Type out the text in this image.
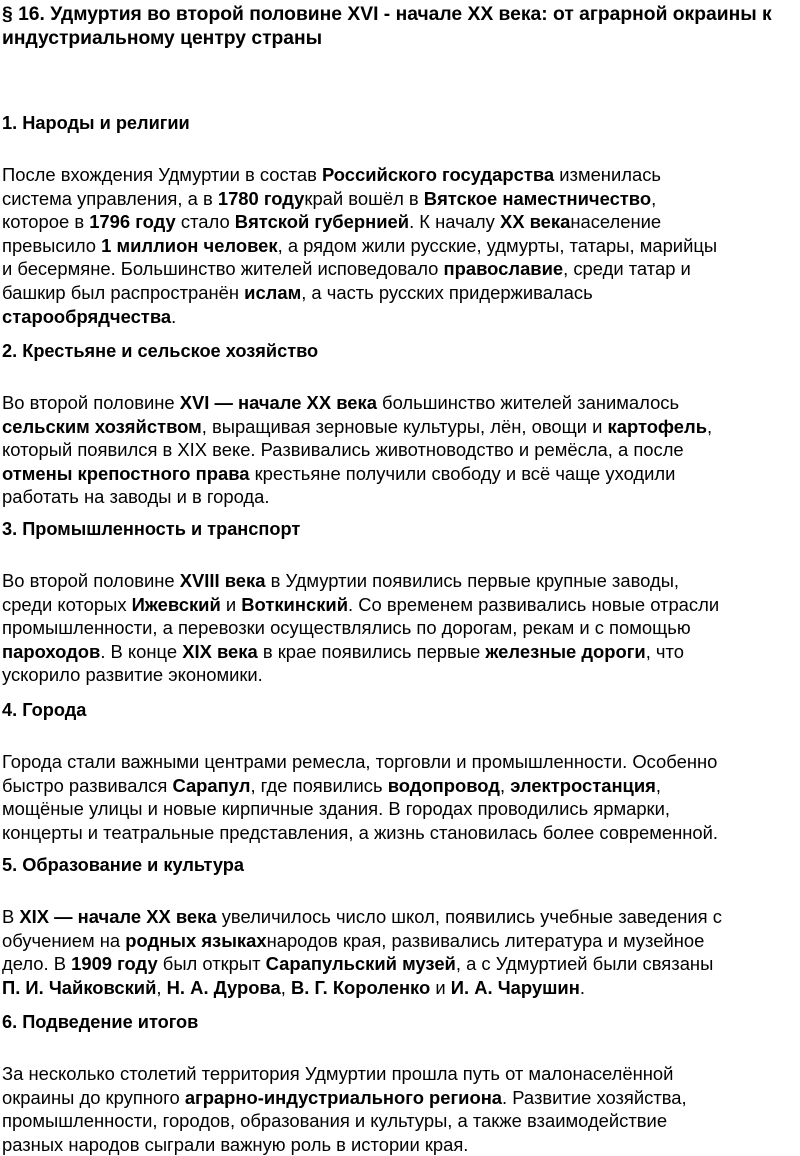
§ 16. Удмуртия во второй половине XVI - начале XX века: от аграрной окраины к индустриальному центру страны
1. Народы и религии

После вхождения Удмуртии в состав Российского государства изменилась
система управления, а в 1780 годукрай вошёл в Вятское наместничество,
которое в 1796 году стало Вятской губернией. К началу XX веканаселение
превысило 1 миллион человек, а рядом жили русские, удмурты, татары, марийцы
и бесермяне. Большинство жителей исповедовало православие, среди татар и
башкир был распространён ислам, а часть русских придерживалась
старообрядчества.

2. Крестьяне и сельское хозяйство

Во второй половине XVI — начале XX века большинство жителей занималось
сельским хозяйством, выращивая зерновые культуры, лён, овощи и картофель,
который появился в XIX веке. Развивались животноводство и ремёсла, а после
отмены крепостного права крестьяне получили свободу и всё чаще уходили
работать на заводы и в города.

3. Промышленность и транспорт

Во второй половине XVIII века в Удмуртии появились первые крупные заводы,
среди которых Ижевский и Воткинский. Со временем развивались новые отрасли
промышленности, а перевозки осуществлялись по дорогам, рекам и с помощью
пароходов. В конце XIX века в крае появились первые железные дороги, что
ускорило развитие экономики.

4. Города

Города стали важными центрами ремесла, торговли и промышленности. Особенно
быстро развивался Сарапул, где появились водопровод, электростанция,
мощёные улицы и новые кирпичные здания. В городах проводились ярмарки,
концерты и театральные представления, а жизнь становилась более современной.

5. Образование и культура

В XIX — начале XX века увеличилось число школ, появились учебные заведения с
обучением на родных языкахнародов края, развивались литература и музейное
дело. В 1909 году был открыт Сарапульский музей, а с Удмуртией были связаны
П. И. Чайковский, Н. А. Дурова, В. Г. Короленко и И. А. Чарушин.

6. Подведение итогов

За несколько столетий территория Удмуртии прошла путь от малонаселённой
окраины до крупного аграрно-индустриального региона. Развитие хозяйства,
промышленности, городов, образования и культуры, а также взаимодействие
разных народов сыграли важную роль в истории края.
